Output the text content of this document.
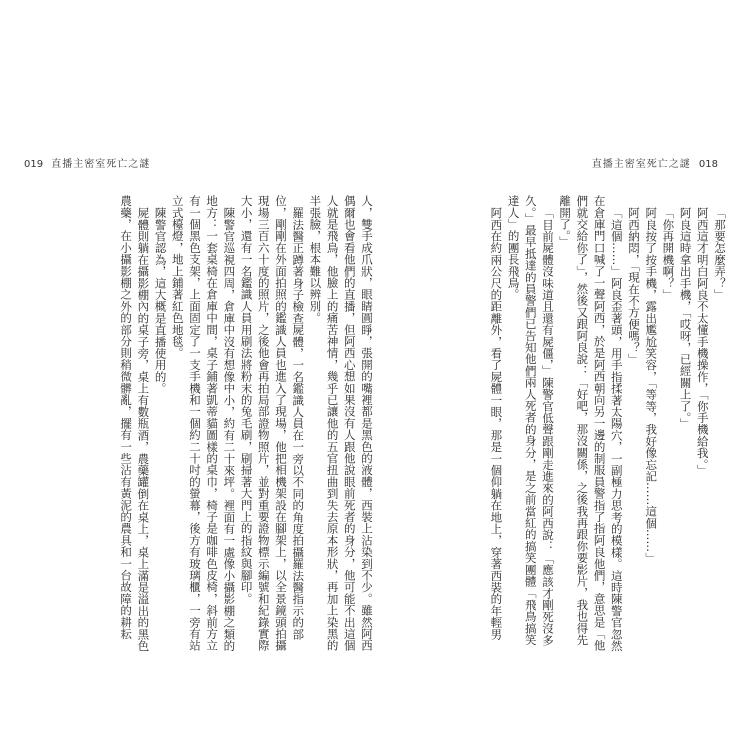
019 直播主密室死亡之謎	直播主密室死亡之謎 018

「那要怎麼弄？」

阿西這才明白阿良不太懂手機操作，「你手機給我。」

阿良這時拿出手機，「哎呀，已經關上了。」

「你再開機啊？」

阿良按了按手機，露出尷尬笑容，「等等，我好像忘記……這個……」

阿西納悶，「現在不方便嗎？」

「這個……」阿良歪著頭，用手指揉著太陽穴，一副極力思考的模樣。這時陳警官忽然在倉庫門口喊了一聲阿西，於是阿西朝向另一邊的制服員警指了指阿良他們，意思是「他們就交給你了」，然後又跟阿良說：「好吧，那沒關係，之後我再跟你要影片，我也得先離開了。」

「目前屍體沒味道且還有屍僵，」陳警官低聲跟剛走進來的阿西說：「應該才剛死沒多久。」最早抵達的員警們已告知他們兩人死者的身分，是之前當紅的搞笑團體「飛鳥搞笑達人」的團長飛鳥。

阿西在約兩公尺的距離外，看了屍體一眼，那是一個仰躺在地上，穿著西裝的年輕男

人，雙手成爪狀，眼睛圓睜，張開的嘴裡都是黑色的液體，西裝上沾染到不少。雖然阿西偶爾也會看他們的直播，但阿西心想如果沒有人跟他說眼前死者的身分，他可能不出這個人就是飛鳥，他臉上的痛苦神情，幾乎已讓他的五官扭曲到失去原本形狀，再加上染黑的半張臉，根本難以辨別。

羅法醫正蹲著身子檢查屍體，一名鑑識人員在一旁以不同的角度拍攝羅法醫指示的部位，剛剛在外面拍照的鑑識人員也進入了現場，他把相機架設在腳架上，以全景鏡頭拍攝現場三百六十度的照片，之後他會再拍局部證物照片，並對重要證物標示編號和紀錄實際大小，還有一名鑑識人員用刷法將粉末的兔毛刷，刷掃著大門上的指紋與腳印。

陳警官巡視四周，倉庫中沒有想像中小，約有二十來坪。裡面有一處像小攝影棚之類的地方：一套桌椅在倉庫中間，桌子鋪著凱蒂貓圖樣的桌巾，椅子是咖啡色皮椅，斜前方立有一個黑色支架，上面固定了一支手機和一個約二十吋的螢幕，後方有玻璃櫃，一旁有站立式檯燈，地上鋪著紅色地毯。

陳警官認為，這大概是直播使用的。

屍體則躺在攝影棚內的桌子旁，桌上有數瓶酒，農藥罐倒在桌上，桌上滿是溢出的黑色農藥，在小攝影棚之外的部分則稍微髒亂，擺有一些沾有黃泥的農具和一台故障的耕耘
